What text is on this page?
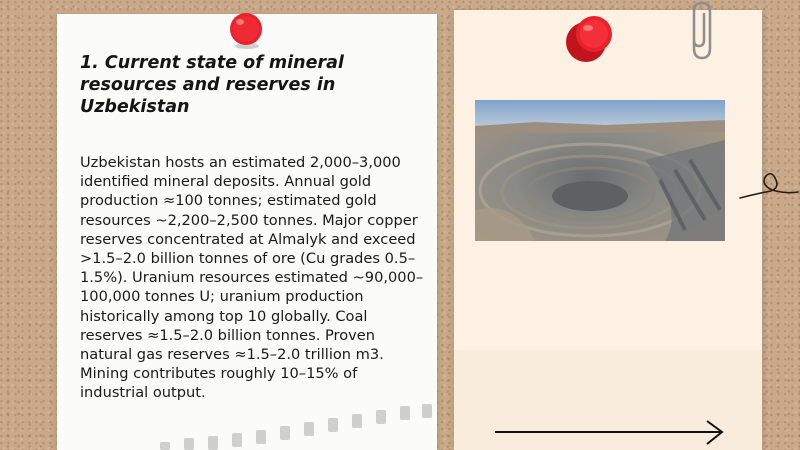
1. Current state of mineral resources and reserves in Uzbekistan

Uzbekistan hosts an estimated 2,000–3,000 identified mineral deposits. Annual gold production ≈100 tonnes; estimated gold resources ~2,200–2,500 tonnes. Major copper reserves concentrated at Almalyk and exceed >1.5–2.0 billion tonnes of ore (Cu grades 0.5–1.5%). Uranium resources estimated ~90,000–100,000 tonnes U; uranium production historically among top 10 globally. Coal reserves ≈1.5–2.0 billion tonnes. Proven natural gas reserves ≈1.5–2.0 trillion m3. Mining contributes roughly 10–15% of industrial output.
